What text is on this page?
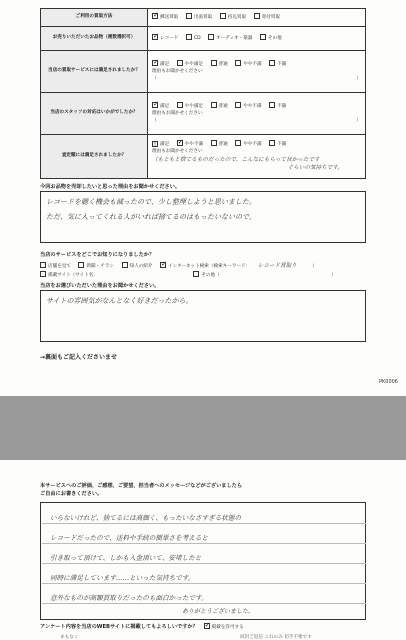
ご利用の買取方法	✓郵送買取 出張買取 持込買取 寄付買取
お売りいただいたお品物（複数選択可）	✓レコード CD オーディオ・楽器 その他
当店の買取サービスには満足されましたか？	
✓満足 やや満足 普通 やや不満 不満
理由もお聞かせください
（ ）

当店のスタッフの対応はいかがでしたか？	
✓満足 やや満足 普通 やや不満 不満
理由もお聞かせください
（ ）

査定額には満足されましたか？	! 満足 ✓ やや不満 普通 やや不満 不満
理由もお聞かせください
（もともと捨てるものだったので、こんなにもらって良かったです
ぐらいの気持ちです。
今回お品物を売却したいと思った理由をお聞かせください。
レコードを聴く機会も減ったので、少し整理しようと思いました。
ただ、気に入ってくれる人がいれば捨てるのはもったいないので。
当店のサービスをどこでお知りになりましたか？
店舗を見て	新聞・チラシ	知人の紹介 ✓	インターネット検索（検索キーワード： レコード買取り	）
掲載サイト（サイト名：	その他（	）
当店をお選びいただいた理由をお聞かせください。
サイトの雰囲気がなんとなく好きだったから。
→裏面もご記入くださいませ
PK0006
本サービスへのご評価、ご感想、ご要望、担当者へのメッセージなどがございましたら
ご自由にお書きください。
いらないけれど、捨てるには高価く、もったいなさすぎる状態の
レコードだったので、送料や手続の簡単さを考えると
引き取って頂けて、しかも入金頂いて、安堵したと
同時に満足しています……といった気持ちです。
意外なものが高額買取りだったのも面白かったです。
ありがとうございました。
アンケート内容を当店のWEBサイトに掲載してもよろしいですか？ ✓	掲載を許可する
まもなく	同封ご返信 これのみ 切手不要です
